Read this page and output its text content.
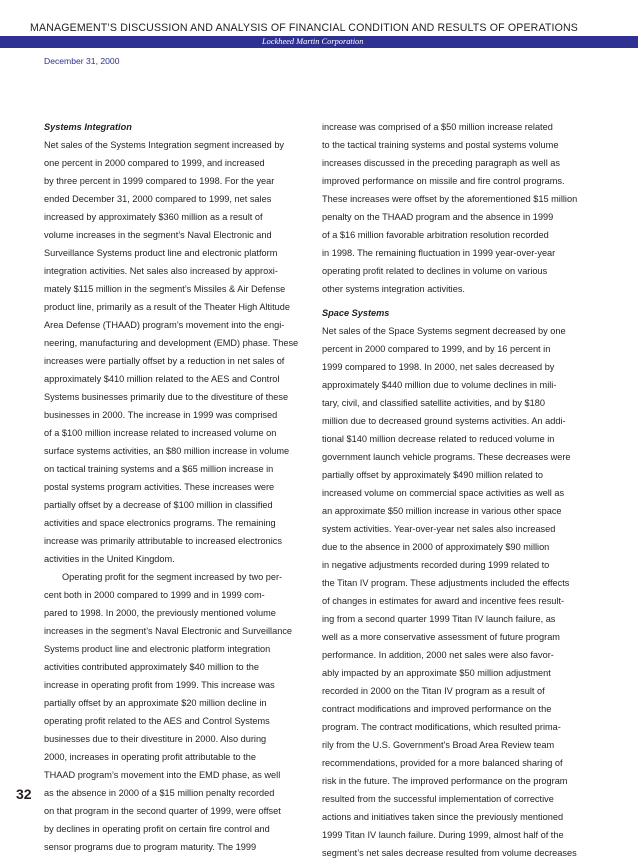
MANAGEMENT’S DISCUSSION AND ANALYSIS OF FINANCIAL CONDITION AND RESULTS OF OPERATIONS
Lockheed Martin Corporation
December 31, 2000

Systems Integration

Net sales of the Systems Integration segment increased by

one percent in 2000 compared to 1999, and increased

by three percent in 1999 compared to 1998. For the year

ended December 31, 2000 compared to 1999, net sales

increased by approximately $360 million as a result of

volume increases in the segment’s Naval Electronic and

Surveillance Systems product line and electronic platform

integration activities. Net sales also increased by approxi-

mately $115 million in the segment’s Missiles & Air Defense

product line, primarily as a result of the Theater High Altitude

Area Defense (THAAD) program’s movement into the engi-

neering, manufacturing and development (EMD) phase. These

increases were partially offset by a reduction in net sales of

approximately $410 million related to the AES and Control

Systems businesses primarily due to the divestiture of these

businesses in 2000. The increase in 1999 was comprised

of a $100 million increase related to increased volume on

surface systems activities, an $80 million increase in volume

on tactical training systems and a $65 million increase in

postal systems program activities. These increases were

partially offset by a decrease of $100 million in classified

activities and space electronics programs. The remaining

increase was primarily attributable to increased electronics

activities in the United Kingdom.

Operating profit for the segment increased by two per-

cent both in 2000 compared to 1999 and in 1999 com-

pared to 1998. In 2000, the previously mentioned volume

increases in the segment’s Naval Electronic and Surveillance

Systems product line and electronic platform integration

activities contributed approximately $40 million to the

increase in operating profit from 1999. This increase was

partially offset by an approximate $20 million decline in

operating profit related to the AES and Control Systems

businesses due to their divestiture in 2000. Also during

2000, increases in operating profit attributable to the

THAAD program’s movement into the EMD phase, as well

as the absence in 2000 of a $15 million penalty recorded

on that program in the second quarter of 1999, were offset

by declines in operating profit on certain fire control and

sensor programs due to program maturity. The 1999

increase was comprised of a $50 million increase related

to the tactical training systems and postal systems volume

increases discussed in the preceding paragraph as well as

improved performance on missile and fire control programs.

These increases were offset by the aforementioned $15 million

penalty on the THAAD program and the absence in 1999

of a $16 million favorable arbitration resolution recorded

in 1998. The remaining fluctuation in 1999 year-over-year

operating profit related to declines in volume on various

other systems integration activities.

Space Systems

Net sales of the Space Systems segment decreased by one

percent in 2000 compared to 1999, and by 16 percent in

1999 compared to 1998. In 2000, net sales decreased by

approximately $440 million due to volume declines in mili-

tary, civil, and classified satellite activities, and by $180

million due to decreased ground systems activities. An addi-

tional $140 million decrease related to reduced volume in

government launch vehicle programs. These decreases were

partially offset by approximately $490 million related to

increased volume on commercial space activities as well as

an approximate $50 million increase in various other space

system activities. Year-over-year net sales also increased

due to the absence in 2000 of approximately $90 million

in negative adjustments recorded during 1999 related to

the Titan IV program. These adjustments included the effects

of changes in estimates for award and incentive fees result-

ing from a second quarter 1999 Titan IV launch failure, as

well as a more conservative assessment of future program

performance. In addition, 2000 net sales were also favor-

ably impacted by an approximate $50 million adjustment

recorded in 2000 on the Titan IV program as a result of

contract modifications and improved performance on the

program. The contract modifications, which resulted prima-

rily from the U.S. Government’s Broad Area Review team

recommendations, provided for a more balanced sharing of

risk in the future. The improved performance on the program

resulted from the successful implementation of corrective

actions and initiatives taken since the previously mentioned

1999 Titan IV launch failure. During 1999, almost half of the

segment’s net sales decrease resulted from volume decreases

32
